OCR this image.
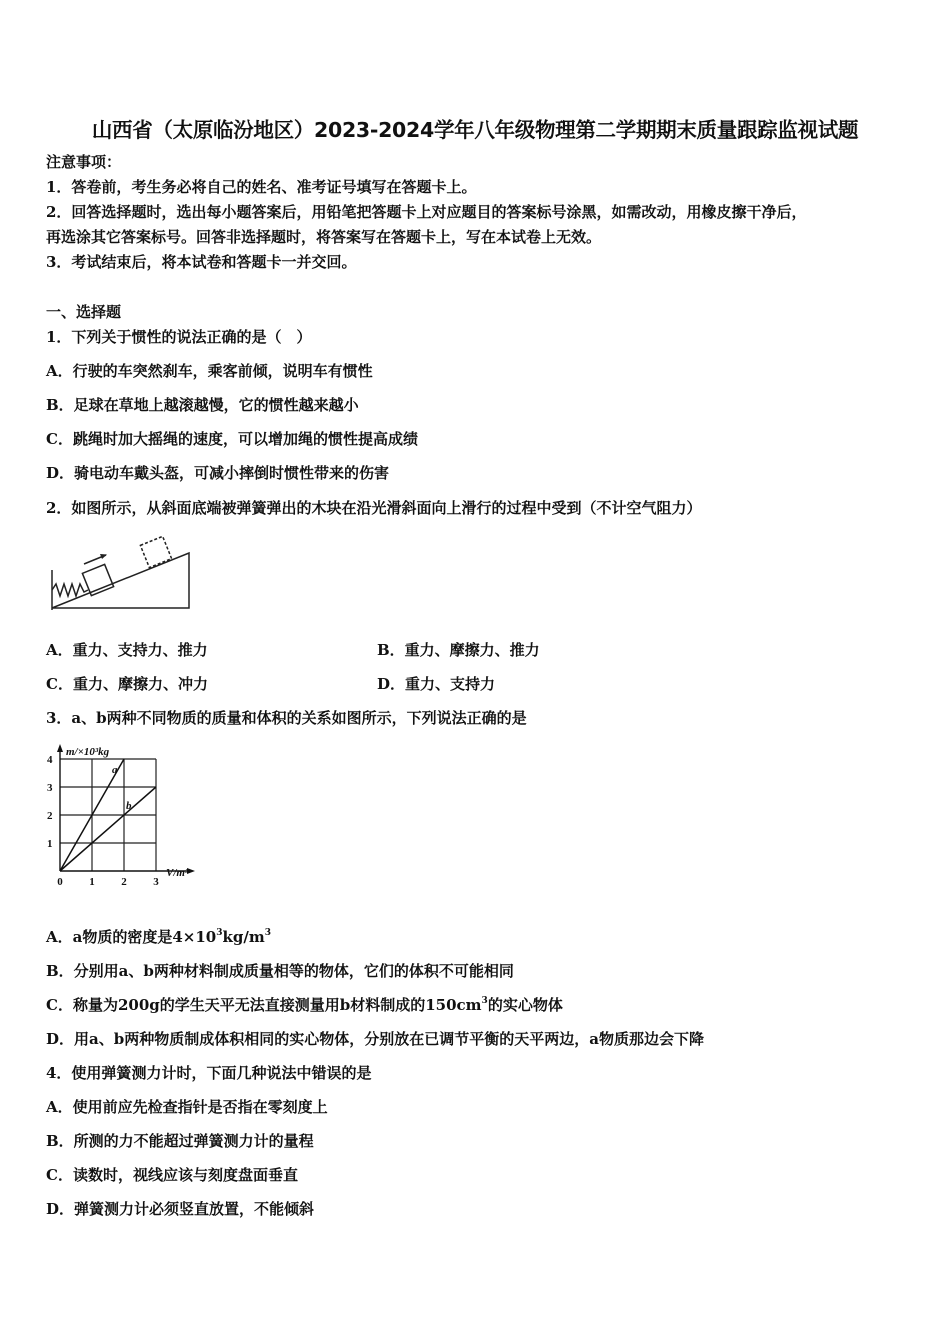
山西省（太原临汾地区）2023-2024学年八年级物理第二学期期末质量跟踪监视试题
注意事项：
1．答卷前，考生务必将自己的姓名、准考证号填写在答题卡上。
2．回答选择题时，选出每小题答案后，用铅笔把答题卡上对应题目的答案标号涂黑，如需改动，用橡皮擦干净后，
再选涂其它答案标号。回答非选择题时，将答案写在答题卡上，写在本试卷上无效。
3．考试结束后，将本试卷和答题卡一并交回。
一、选择题
1．下列关于惯性的说法正确的是（　）
A．行驶的车突然刹车，乘客前倾，说明车有惯性
B．足球在草地上越滚越慢，它的惯性越来越小
C．跳绳时加大摇绳的速度，可以增加绳的惯性提高成绩
D．骑电动车戴头盔，可减小摔倒时惯性带来的伤害
2．如图所示，从斜面底端被弹簧弹出的木块在沿光滑斜面向上滑行的过程中受到（不计空气阻力）
A．重力、支持力、推力	B．重力、摩擦力、推力
C．重力、摩擦力、冲力	D．重力、支持力
3．a、b两种不同物质的质量和体积的关系如图所示，下列说法正确的是
0 1 2 3
1
2
3
4
m/×10³kg
V/m³
a
b
A．a物质的密度是$4\times 10^3kg/m^3$
B．分别用a、b两种材料制成质量相等的物体，它们的体积不可能相同
C．称量为200g的学生天平无法直接测量用b材料制成的$150cm^3$的实心物体
D．用a、b两种物质制成体积相同的实心物体，分别放在已调节平衡的天平两边，a物质那边会下降
4．使用弹簧测力计时，下面几种说法中错误的是
A．使用前应先检查指针是否指在零刻度上
B．所测的力不能超过弹簧测力计的量程
C．读数时，视线应该与刻度盘面垂直
D．弹簧测力计必须竖直放置，不能倾斜
